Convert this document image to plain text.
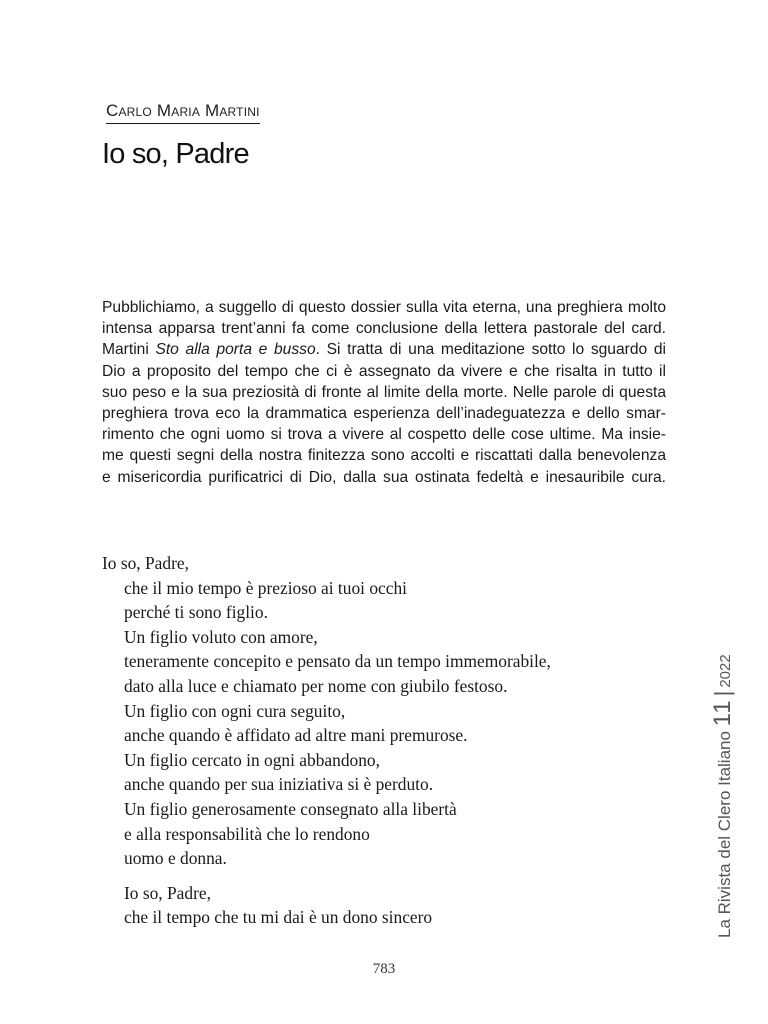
Carlo Maria Martini
Io so, Padre
Pubblichiamo, a suggello di questo dossier sulla vita eterna, una preghiera molto
intensa apparsa trent’anni fa come conclusione della lettera pastorale del card.
Martini Sto alla porta e busso. Si tratta di una meditazione sotto lo sguardo di
Dio a proposito del tempo che ci è assegnato da vivere e che risalta in tutto il
suo peso e la sua preziosità di fronte al limite della morte. Nelle parole di questa
preghiera trova eco la drammatica esperienza dell’inadeguatezza e dello smar-
rimento che ogni uomo si trova a vivere al cospetto delle cose ultime. Ma insie-
me questi segni della nostra finitezza sono accolti e riscattati dalla benevolenza
e misericordia purificatrici di Dio, dalla sua ostinata fedeltà e inesauribile cura.
Io so, Padre,
che il mio tempo è prezioso ai tuoi occhi
perché ti sono figlio.
Un figlio voluto con amore,
teneramente concepito e pensato da un tempo immemorabile,
dato alla luce e chiamato per nome con giubilo festoso.
Un figlio con ogni cura seguito,
anche quando è affidato ad altre mani premurose.
Un figlio cercato in ogni abbandono,
anche quando per sua iniziativa si è perduto.
Un figlio generosamente consegnato alla libertà
e alla responsabilità che lo rendono
uomo e donna.
Io so, Padre,
che il tempo che tu mi dai è un dono sincero
783
La Rivista del Clero Italiano 11|2022
